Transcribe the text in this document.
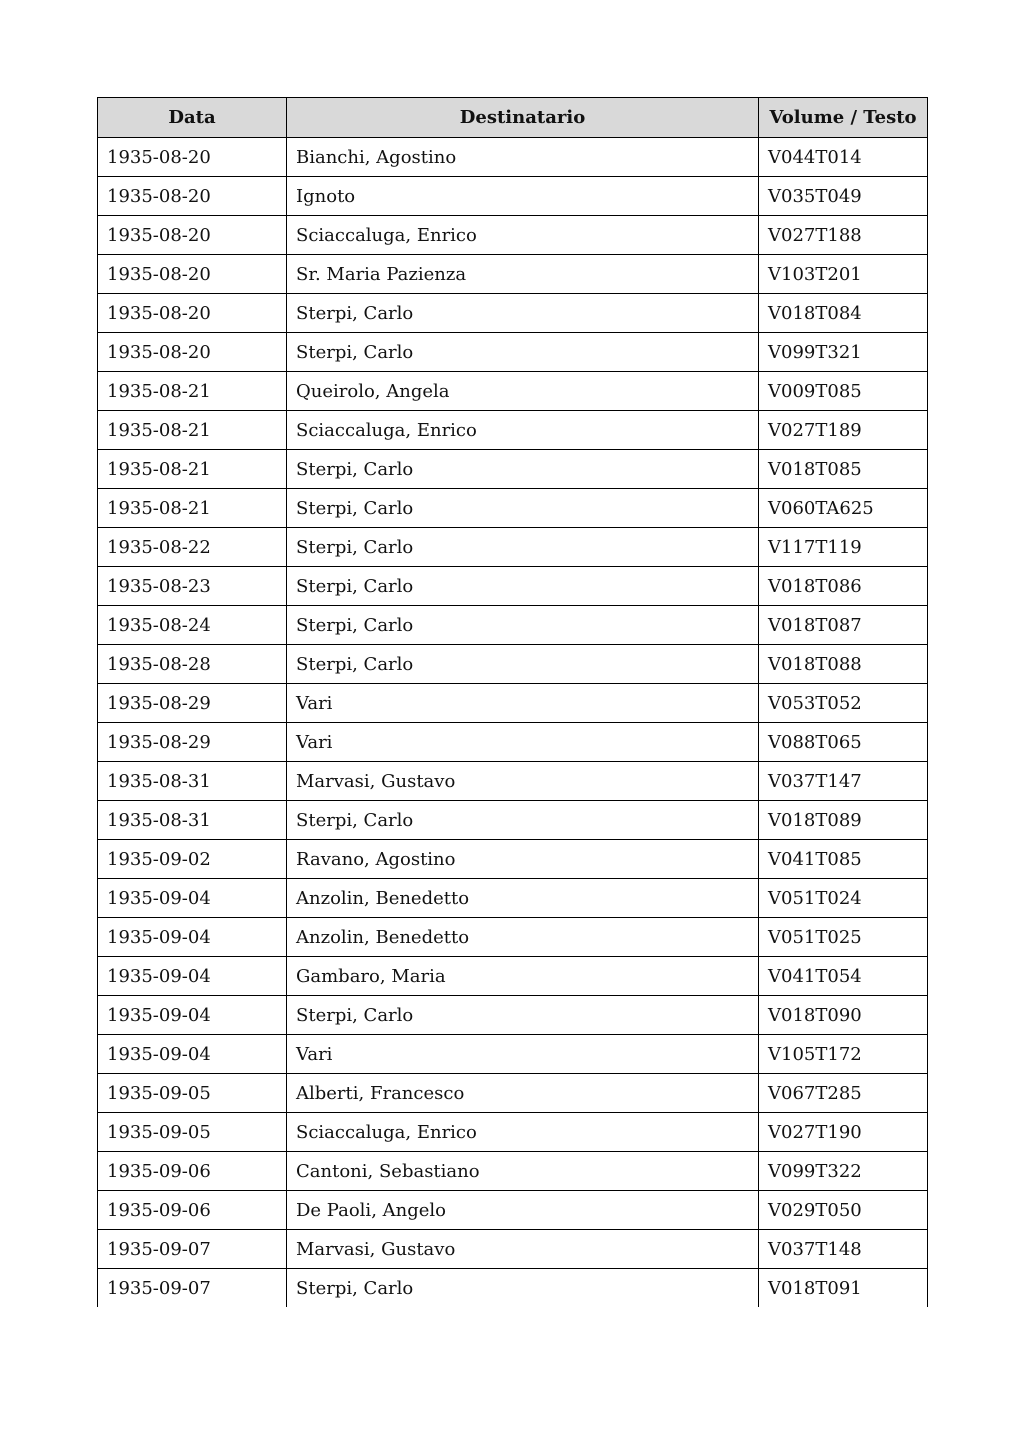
Data	Destinatario	Volume / Testo
1935-08-20	Bianchi, Agostino	V044T014
1935-08-20	Ignoto	V035T049
1935-08-20	Sciaccaluga, Enrico	V027T188
1935-08-20	Sr. Maria Pazienza	V103T201
1935-08-20	Sterpi, Carlo	V018T084
1935-08-20	Sterpi, Carlo	V099T321
1935-08-21	Queirolo, Angela	V009T085
1935-08-21	Sciaccaluga, Enrico	V027T189
1935-08-21	Sterpi, Carlo	V018T085
1935-08-21	Sterpi, Carlo	V060TA625
1935-08-22	Sterpi, Carlo	V117T119
1935-08-23	Sterpi, Carlo	V018T086
1935-08-24	Sterpi, Carlo	V018T087
1935-08-28	Sterpi, Carlo	V018T088
1935-08-29	Vari	V053T052
1935-08-29	Vari	V088T065
1935-08-31	Marvasi, Gustavo	V037T147
1935-08-31	Sterpi, Carlo	V018T089
1935-09-02	Ravano, Agostino	V041T085
1935-09-04	Anzolin, Benedetto	V051T024
1935-09-04	Anzolin, Benedetto	V051T025
1935-09-04	Gambaro, Maria	V041T054
1935-09-04	Sterpi, Carlo	V018T090
1935-09-04	Vari	V105T172
1935-09-05	Alberti, Francesco	V067T285
1935-09-05	Sciaccaluga, Enrico	V027T190
1935-09-06	Cantoni, Sebastiano	V099T322
1935-09-06	De Paoli, Angelo	V029T050
1935-09-07	Marvasi, Gustavo	V037T148
1935-09-07	Sterpi, Carlo	V018T091
